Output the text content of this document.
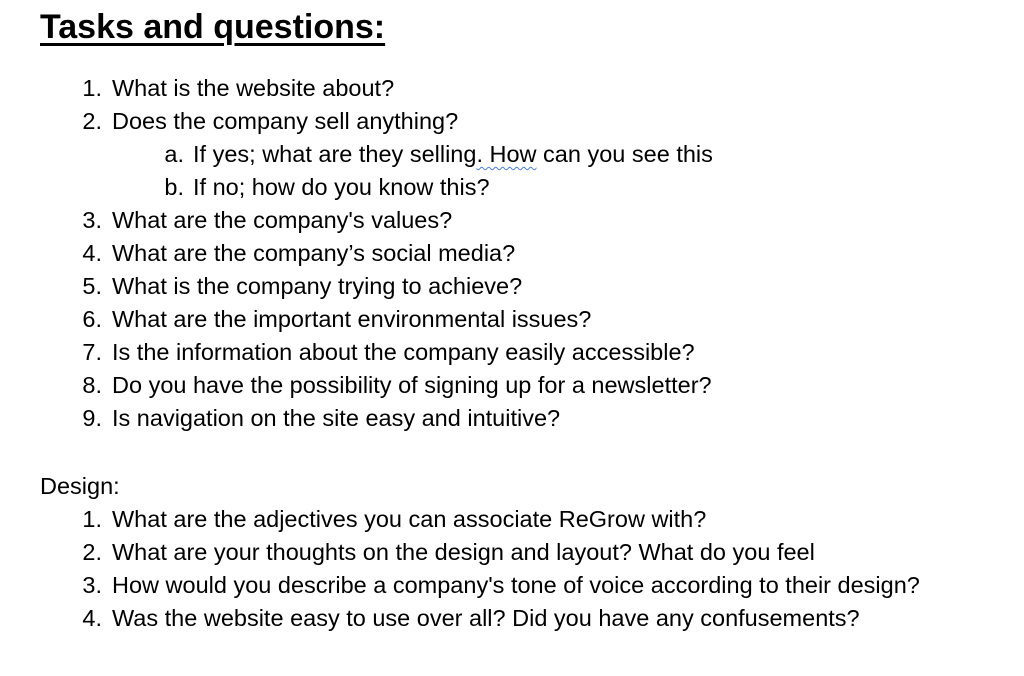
Tasks and questions:
1. What is the website about?
2. Does the company sell anything?
a. If yes; what are they selling. How can you see this
b. If no; how do you know this?
3. What are the company's values?
4. What are the company’s social media?
5. What is the company trying to achieve?
6. What are the important environmental issues?
7. Is the information about the company easily accessible?
8. Do you have the possibility of signing up for a newsletter?
9. Is navigation on the site easy and intuitive?

Design:

1. What are the adjectives you can associate ReGrow with?
2. What are your thoughts on the design and layout? What do you feel
3. How would you describe a company's tone of voice according to their design?
4. Was the website easy to use over all? Did you have any confusements?
